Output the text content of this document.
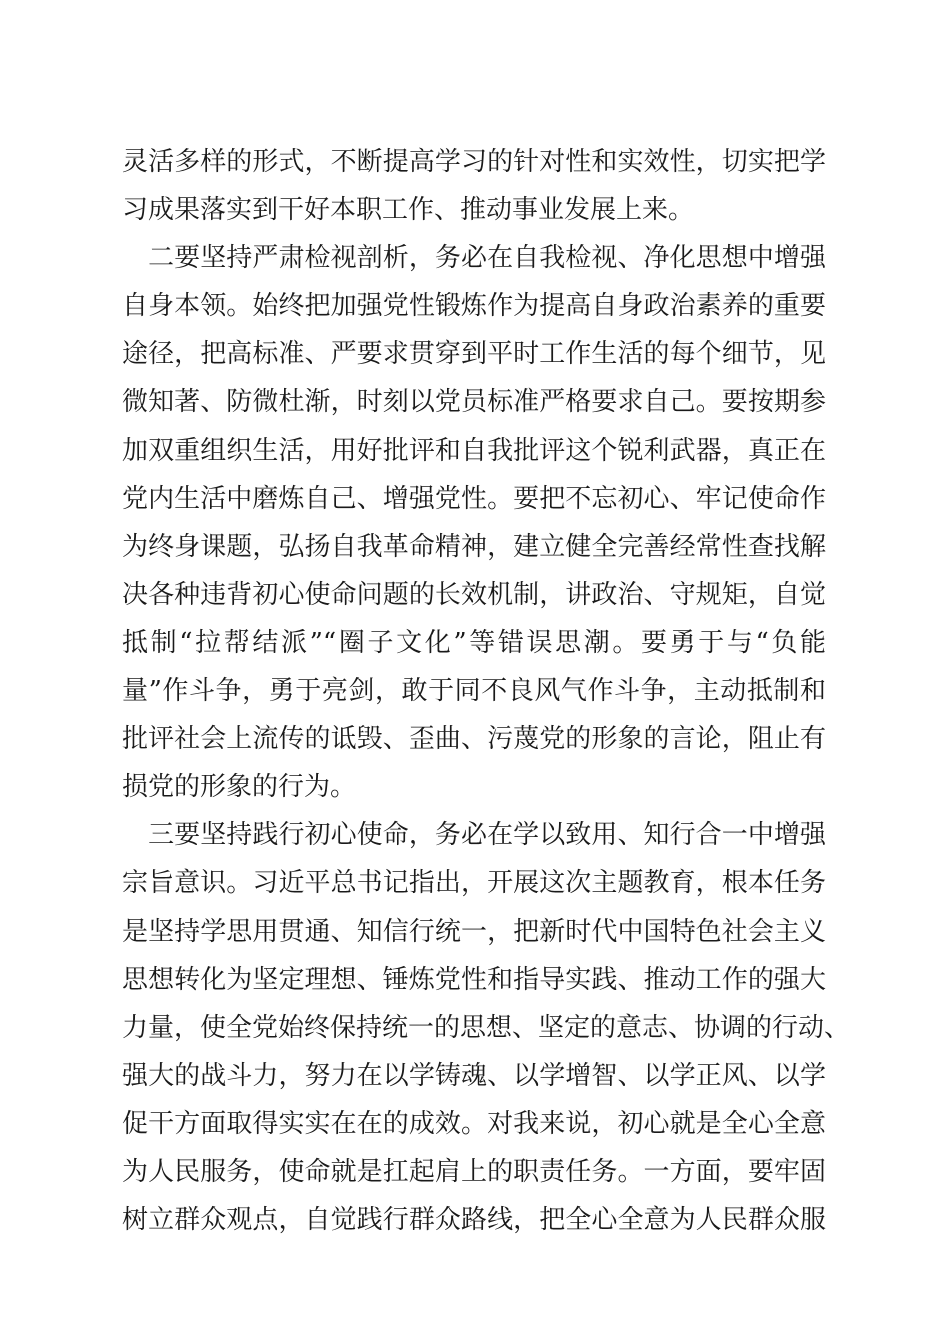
灵活多样的形式，不断提高学习的针对性和实效性，切实把学
习成果落实到干好本职工作、推动事业发展上来。
　二要坚持严肃检视剖析，务必在自我检视、净化思想中增强
自身本领。始终把加强党性锻炼作为提高自身政治素养的重要
途径，把高标准、严要求贯穿到平时工作生活的每个细节，见
微知著、防微杜渐，时刻以党员标准严格要求自己。要按期参
加双重组织生活，用好批评和自我批评这个锐利武器，真正在
党内生活中磨炼自己、增强党性。要把不忘初心、牢记使命作
为终身课题，弘扬自我革命精神，建立健全完善经常性查找解
决各种违背初心使命问题的长效机制，讲政治、守规矩，自觉
抵制“拉帮结派”“圈子文化”等错误思潮。要勇于与“负能
量”作斗争，勇于亮剑，敢于同不良风气作斗争，主动抵制和
批评社会上流传的诋毁、歪曲、污蔑党的形象的言论，阻止有
损党的形象的行为。
　三要坚持践行初心使命，务必在学以致用、知行合一中增强
宗旨意识。习近平总书记指出，开展这次主题教育，根本任务
是坚持学思用贯通、知信行统一，把新时代中国特色社会主义
思想转化为坚定理想、锤炼党性和指导实践、推动工作的强大
力量，使全党始终保持统一的思想、坚定的意志、协调的行动、
强大的战斗力，努力在以学铸魂、以学增智、以学正风、以学
促干方面取得实实在在的成效。对我来说，初心就是全心全意
为人民服务，使命就是扛起肩上的职责任务。一方面，要牢固
树立群众观点，自觉践行群众路线，把全心全意为人民群众服
